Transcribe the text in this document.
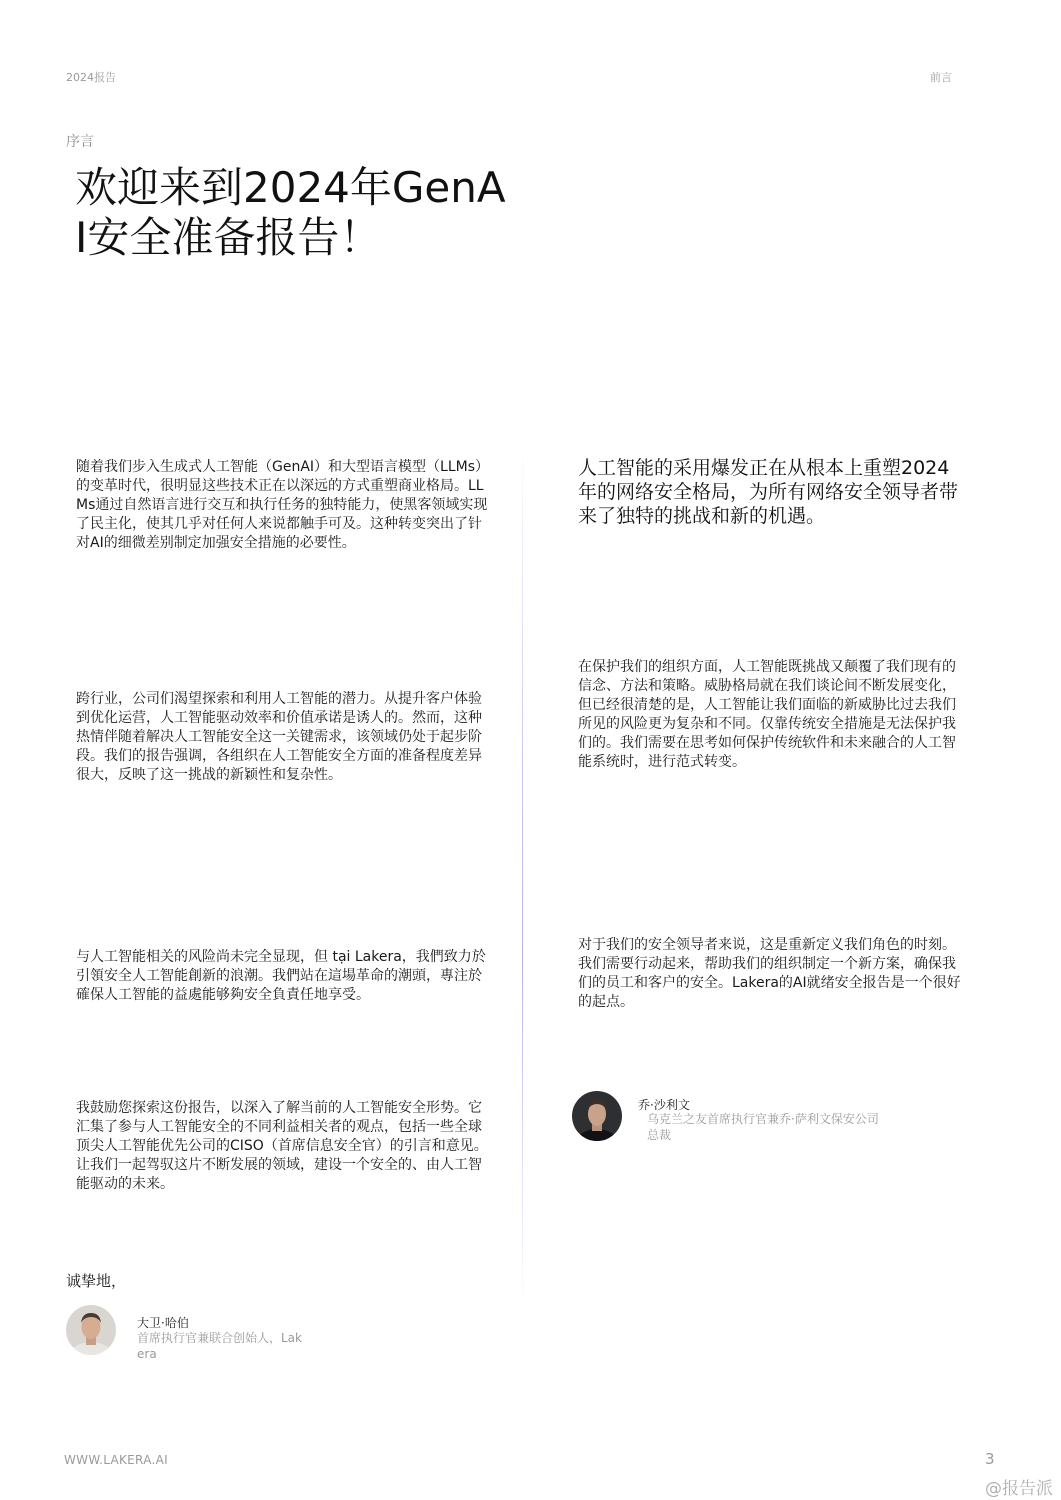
2024报告	前言
序言
欢迎来到2024年GenAI安全准备报告！

随着我们步入生成式人工智能（GenAI）和大型语言模型（LLMs）的变革时代，很明显这些技术正在以深远的方式重塑商业格局。LLMs通过自然语言进行交互和执行任务的独特能力，使黑客领域实现了民主化，使其几乎对任何人来说都触手可及。这种转变突出了针对AI的细微差别制定加强安全措施的必要性。

跨行业，公司们渴望探索和利用人工智能的潜力。从提升客户体验到优化运营，人工智能驱动效率和价值承诺是诱人的。然而，这种热情伴随着解决人工智能安全这一关键需求，该领域仍处于起步阶段。我们的报告强调，各组织在人工智能安全方面的准备程度差异很大，反映了这一挑战的新颖性和复杂性。

与人工智能相关的风险尚未完全显现，但 tại Lakera，我們致力於引領安全人工智能創新的浪潮。我們站在這場革命的潮頭，專注於確保人工智能的益處能够夠安全負責任地享受。

我鼓励您探索这份报告，以深入了解当前的人工智能安全形势。它汇集了参与人工智能安全的不同利益相关者的观点，包括一些全球顶尖人工智能优先公司的CISO（首席信息安全官）的引言和意见。让我们一起驾驭这片不断发展的领域，建设一个安全的、由人工智能驱动的未来。

诚挚地，
大卫·哈伯
首席执行官兼联合创始人，Lakera

人工智能的采用爆发正在从根本上重塑2024年的网络安全格局，为所有网络安全领导者带来了独特的挑战和新的机遇。

在保护我们的组织方面，人工智能既挑战又颠覆了我们现有的信念、方法和策略。威胁格局就在我们谈论间不断发展变化，但已经很清楚的是，人工智能让我们面临的新威胁比过去我们所见的风险更为复杂和不同。仅靠传统安全措施是无法保护我们的。我们需要在思考如何保护传统软件和未来融合的人工智能系统时，进行范式转变。

对于我们的安全领导者来说，这是重新定义我们角色的时刻。我们需要行动起来，帮助我们的组织制定一个新方案，确保我们的员工和客户的安全。Lakera的AI就绪安全报告是一个很好的起点。

乔·沙利文
乌克兰之友首席执行官兼乔·萨利文保安公司总裁
WWW.LAKERA.AI	3
@报告派
